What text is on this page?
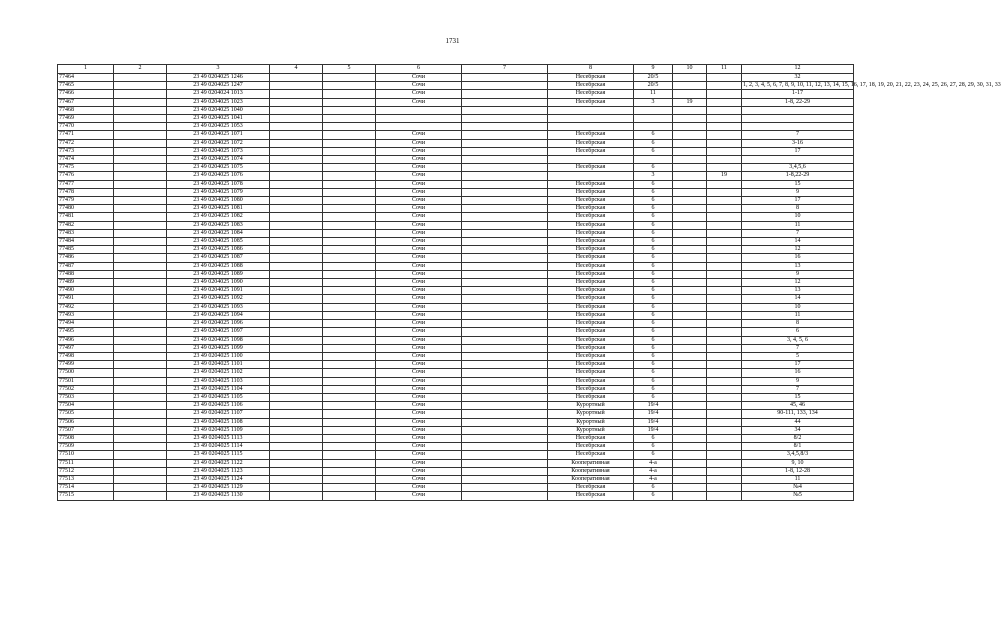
1731
1	2	3	4	5	6	7	8	9	10	11	12
77464		23 49 0204025 1246			Сочи		Несебрская	20/5			32
77465		23 49 0204025 1247			Сочи		Несебрская	20/5			1, 2, 3, 4, 5, 6, 7, 8, 9, 10, 11, 12, 13, 14, 15, 16, 17, 18, 19, 20, 21, 22, 23, 24, 25, 26, 27, 28, 29, 30, 31, 33
77466		23 49 0204024 1013			Сочи		Несебрская	11			1-17
77467		23 49 0204025 1023			Сочи		Несебрская	3	19		1-8, 22-29
77468		23 49 0204025 1040									
77469		23 49 0204025 1041									
77470		23 49 0204025 1053									
77471		23 49 0204025 1071			Сочи		Несебрская	6			7
77472		23 49 0204025 1072			Сочи		Несебрская	6			3-16
77473		23 49 0204025 1073			Сочи		Несебрская	6			17
77474		23 49 0204025 1074			Сочи						
77475		23 49 0204025 1075			Сочи		Несебрская	6			3,4,5,6
77476		23 49 0204025 1076			Сочи			3		19	1-8,22-29
77477		23 49 0204025 1078			Сочи		Несебрская	6			15
77478		23 49 0204025 1079			Сочи		Несебрская	6			9
77479		23 49 0204025 1080			Сочи		Несебрская	6			17
77480		23 49 0204025 1081			Сочи		Несебрская	6			8
77481		23 49 0204025 1082			Сочи		Несебрская	6			10
77482		23 49 0204025 1083			Сочи		Несебрская	6			11
77483		23 49 0204025 1084			Сочи		Несебрская	6			7
77484		23 49 0204025 1085			Сочи		Несебрская	6			14
77485		23 49 0204025 1086			Сочи		Несебрская	6			12
77486		23 49 0204025 1087			Сочи		Несебрская	6			16
77487		23 49 0204025 1088			Сочи		Несебрская	6			13
77488		23 49 0204025 1089			Сочи		Несебрская	6			9
77489		23 49 0204025 1090			Сочи		Несебрская	6			12
77490		23 49 0204025 1091			Сочи		Несебрская	6			13
77491		23 49 0204025 1092			Сочи		Несебрская	6			14
77492		23 49 0204025 1093			Сочи		Несебрская	6			10
77493		23 49 0204025 1094			Сочи		Несебрская	6			11
77494		23 49 0204025 1096			Сочи		Несебрская	6			8
77495		23 49 0204025 1097			Сочи		Несебрская	6			6
77496		23 49 0204025 1098			Сочи		Несебрская	6			3, 4, 5, 6
77497		23 49 0204025 1099			Сочи		Несебрская	6			7
77498		23 49 0204025 1100			Сочи		Несебрская	6			5
77499		23 49 0204025 1101			Сочи		Несебрская	6			17
77500		23 49 0204025 1102			Сочи		Несебрская	6			16
77501		23 49 0204025 1103			Сочи		Несебрская	6			9
77502		23 49 0204025 1104			Сочи		Несебрская	6			7
77503		23 49 0204025 1105			Сочи		Несебрская	6			15
77504		23 49 0204025 1106			Сочи		Курортный	19/4			45, 46
77505		23 49 0204025 1107			Сочи		Курортный	19/4			90-111, 133, 134
77506		23 49 0204025 1108			Сочи		Курортный	19/4			44
77507		23 49 0204025 1109			Сочи		Курортный	19/4			34
77508		23 49 0204025 1113			Сочи		Несебрская	6			8/2
77509		23 49 0204025 1114			Сочи		Несебрская	6			8/1
77510		23 49 0204025 1115			Сочи		Несебрская	6			3,4,5,8/3
77511		23 49 0204025 1122			Сочи		Кооперативная	4-а			9, 10
77512		23 49 0204025 1123			Сочи		Кооперативная	4-а			1-8, 12-28
77513		23 49 0204025 1124			Сочи		Кооперативная	4-а			11
77514		23 49 0204025 1129			Сочи		Несебрская	6			№4
77515		23 49 0204025 1130			Сочи		Несебрская	6			№5
